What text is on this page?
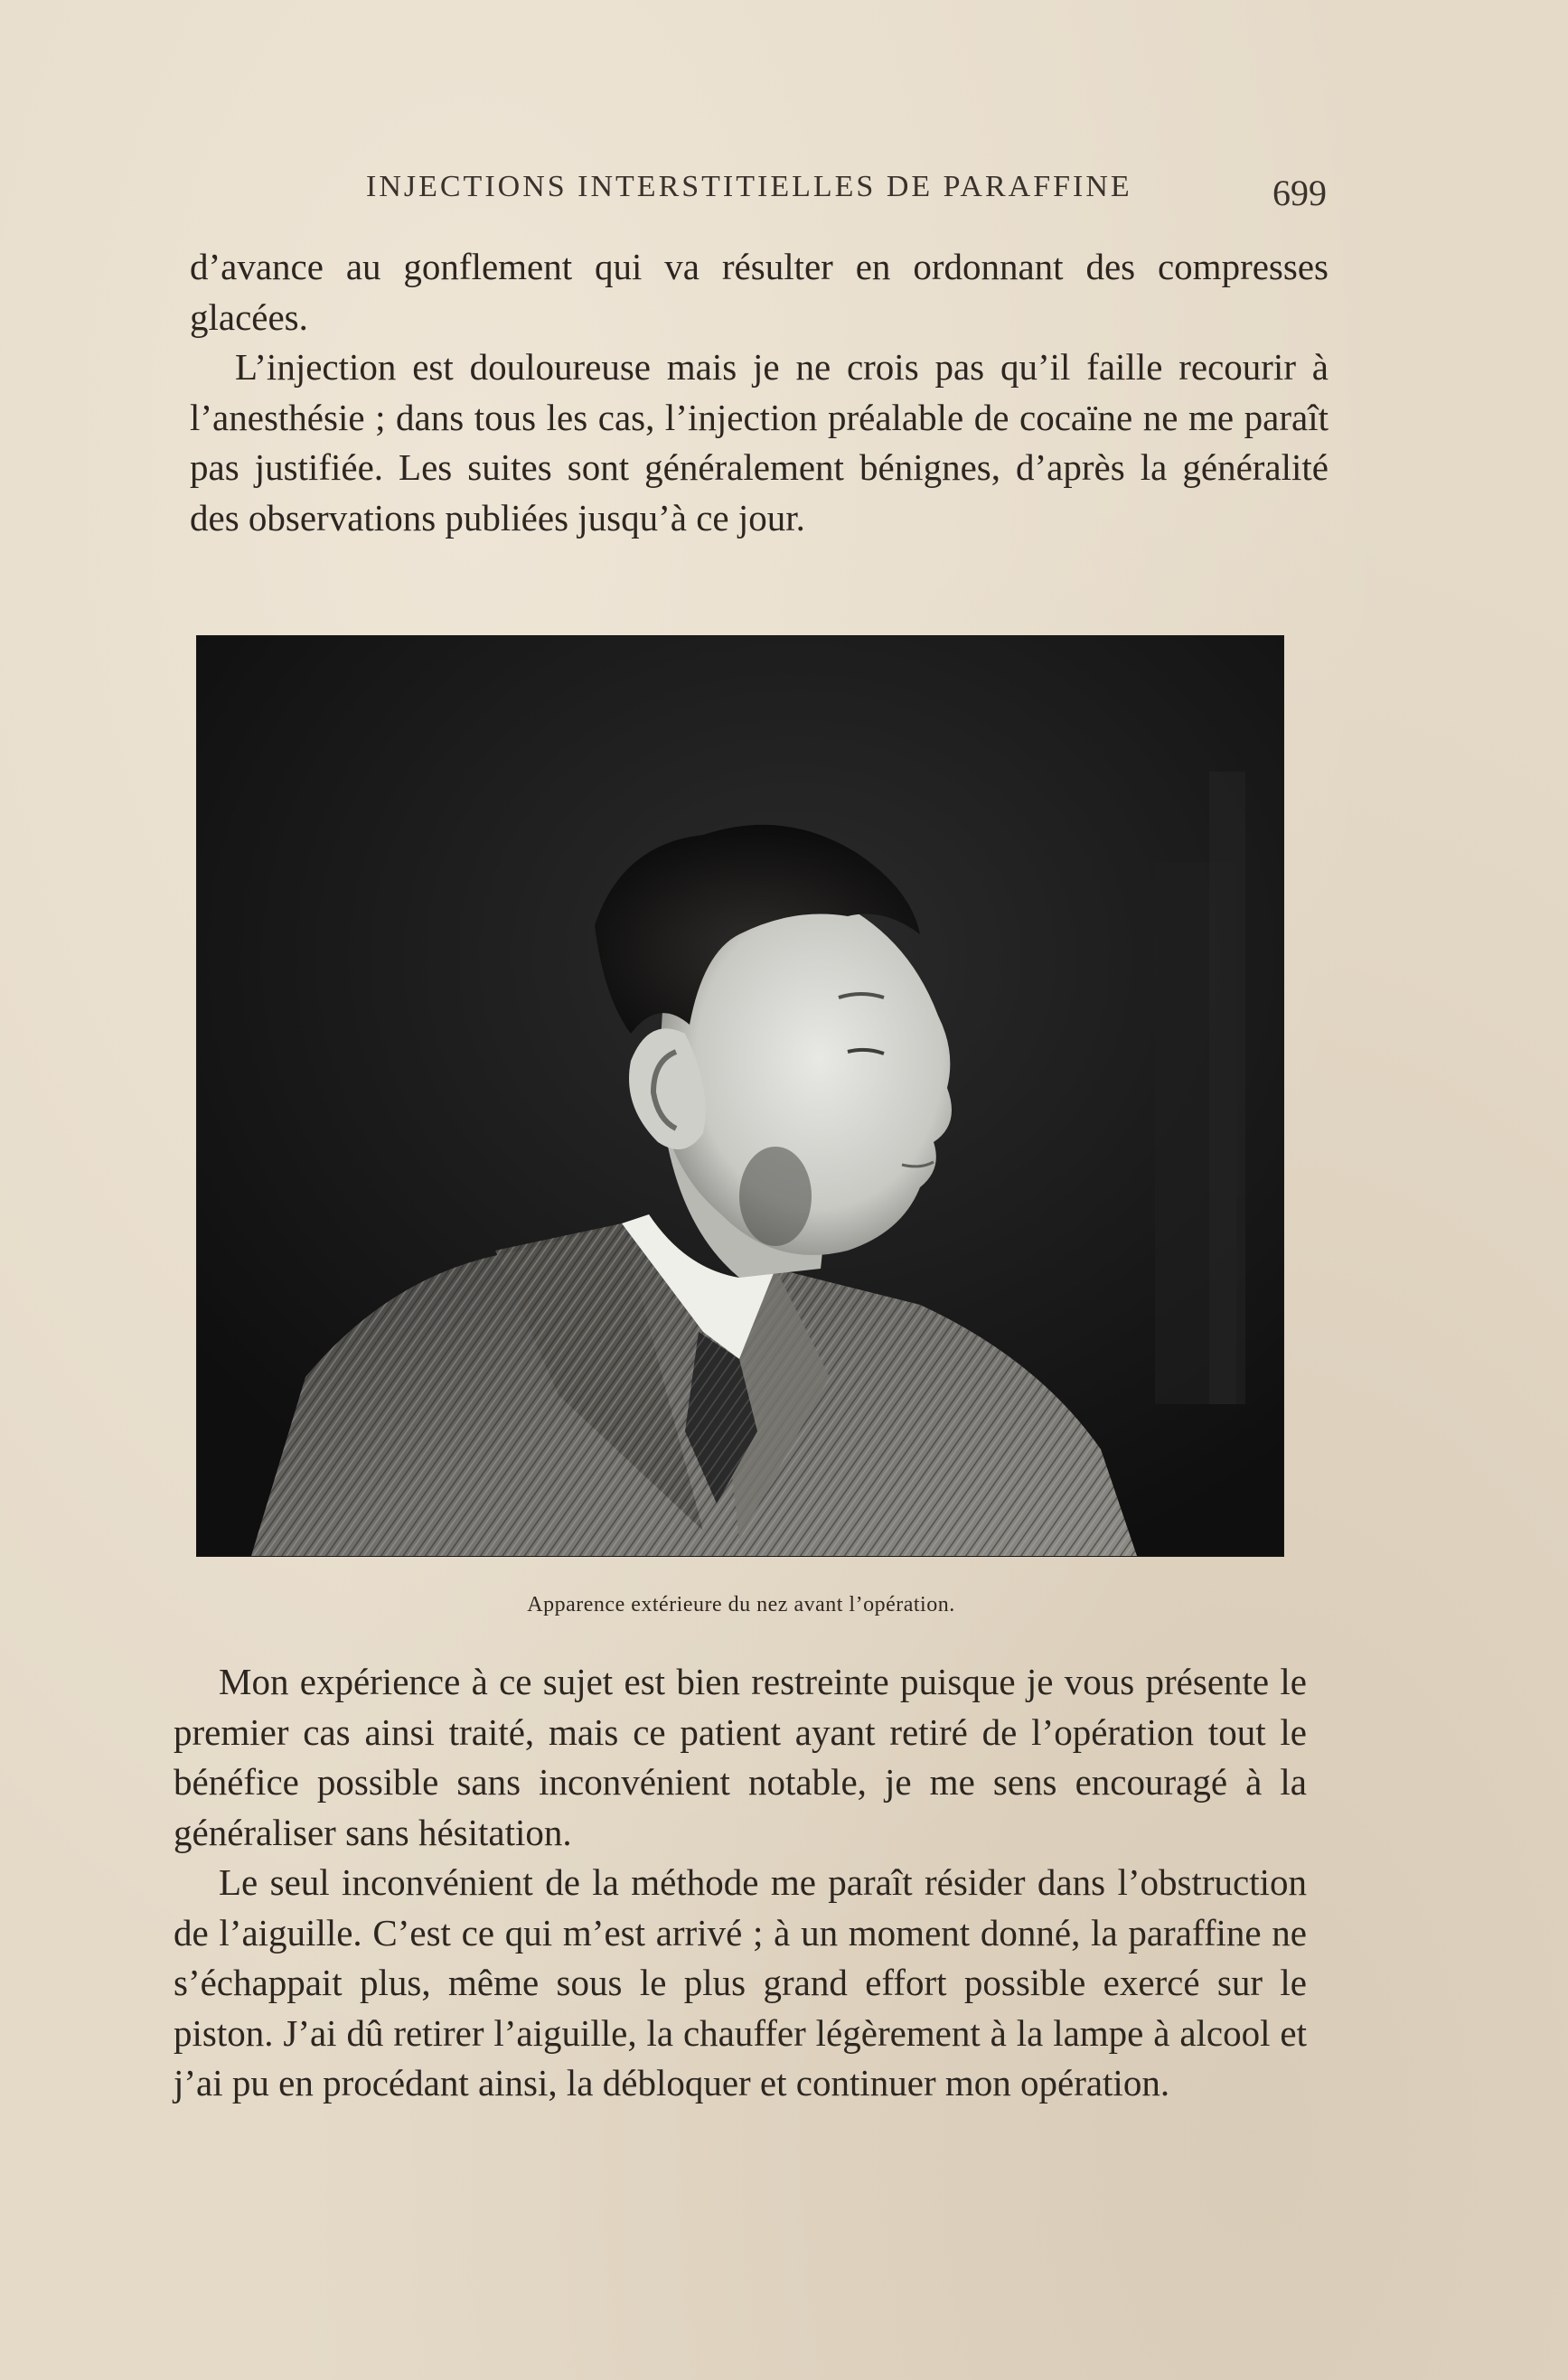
INJECTIONS INTERSTITIELLES DE PARAFFINE	699

d’avance au gonflement qui va résulter en ordonnant des compresses glacées.

L’injection est douloureuse mais je ne crois pas qu’il faille recourir à l’anesthésie ; dans tous les cas, l’injection préalable de cocaïne ne me paraît pas justifiée. Les suites sont généralement bénignes, d’après la généralité des observations publiées jusqu’à ce jour.

Apparence extérieure du nez avant l’opération.

Mon expérience à ce sujet est bien restreinte puisque je vous présente le premier cas ainsi traité, mais ce patient ayant retiré de l’opération tout le bénéfice possible sans inconvénient notable, je me sens encouragé à la généraliser sans hésitation.

Le seul inconvénient de la méthode me paraît résider dans l’obstruction de l’aiguille. C’est ce qui m’est arrivé ; à un moment donné, la paraffine ne s’échappait plus, même sous le plus grand effort possible exercé sur le piston. J’ai dû retirer l’aiguille, la chauffer légèrement à la lampe à alcool et j’ai pu en procédant ainsi, la débloquer et continuer mon opération.
